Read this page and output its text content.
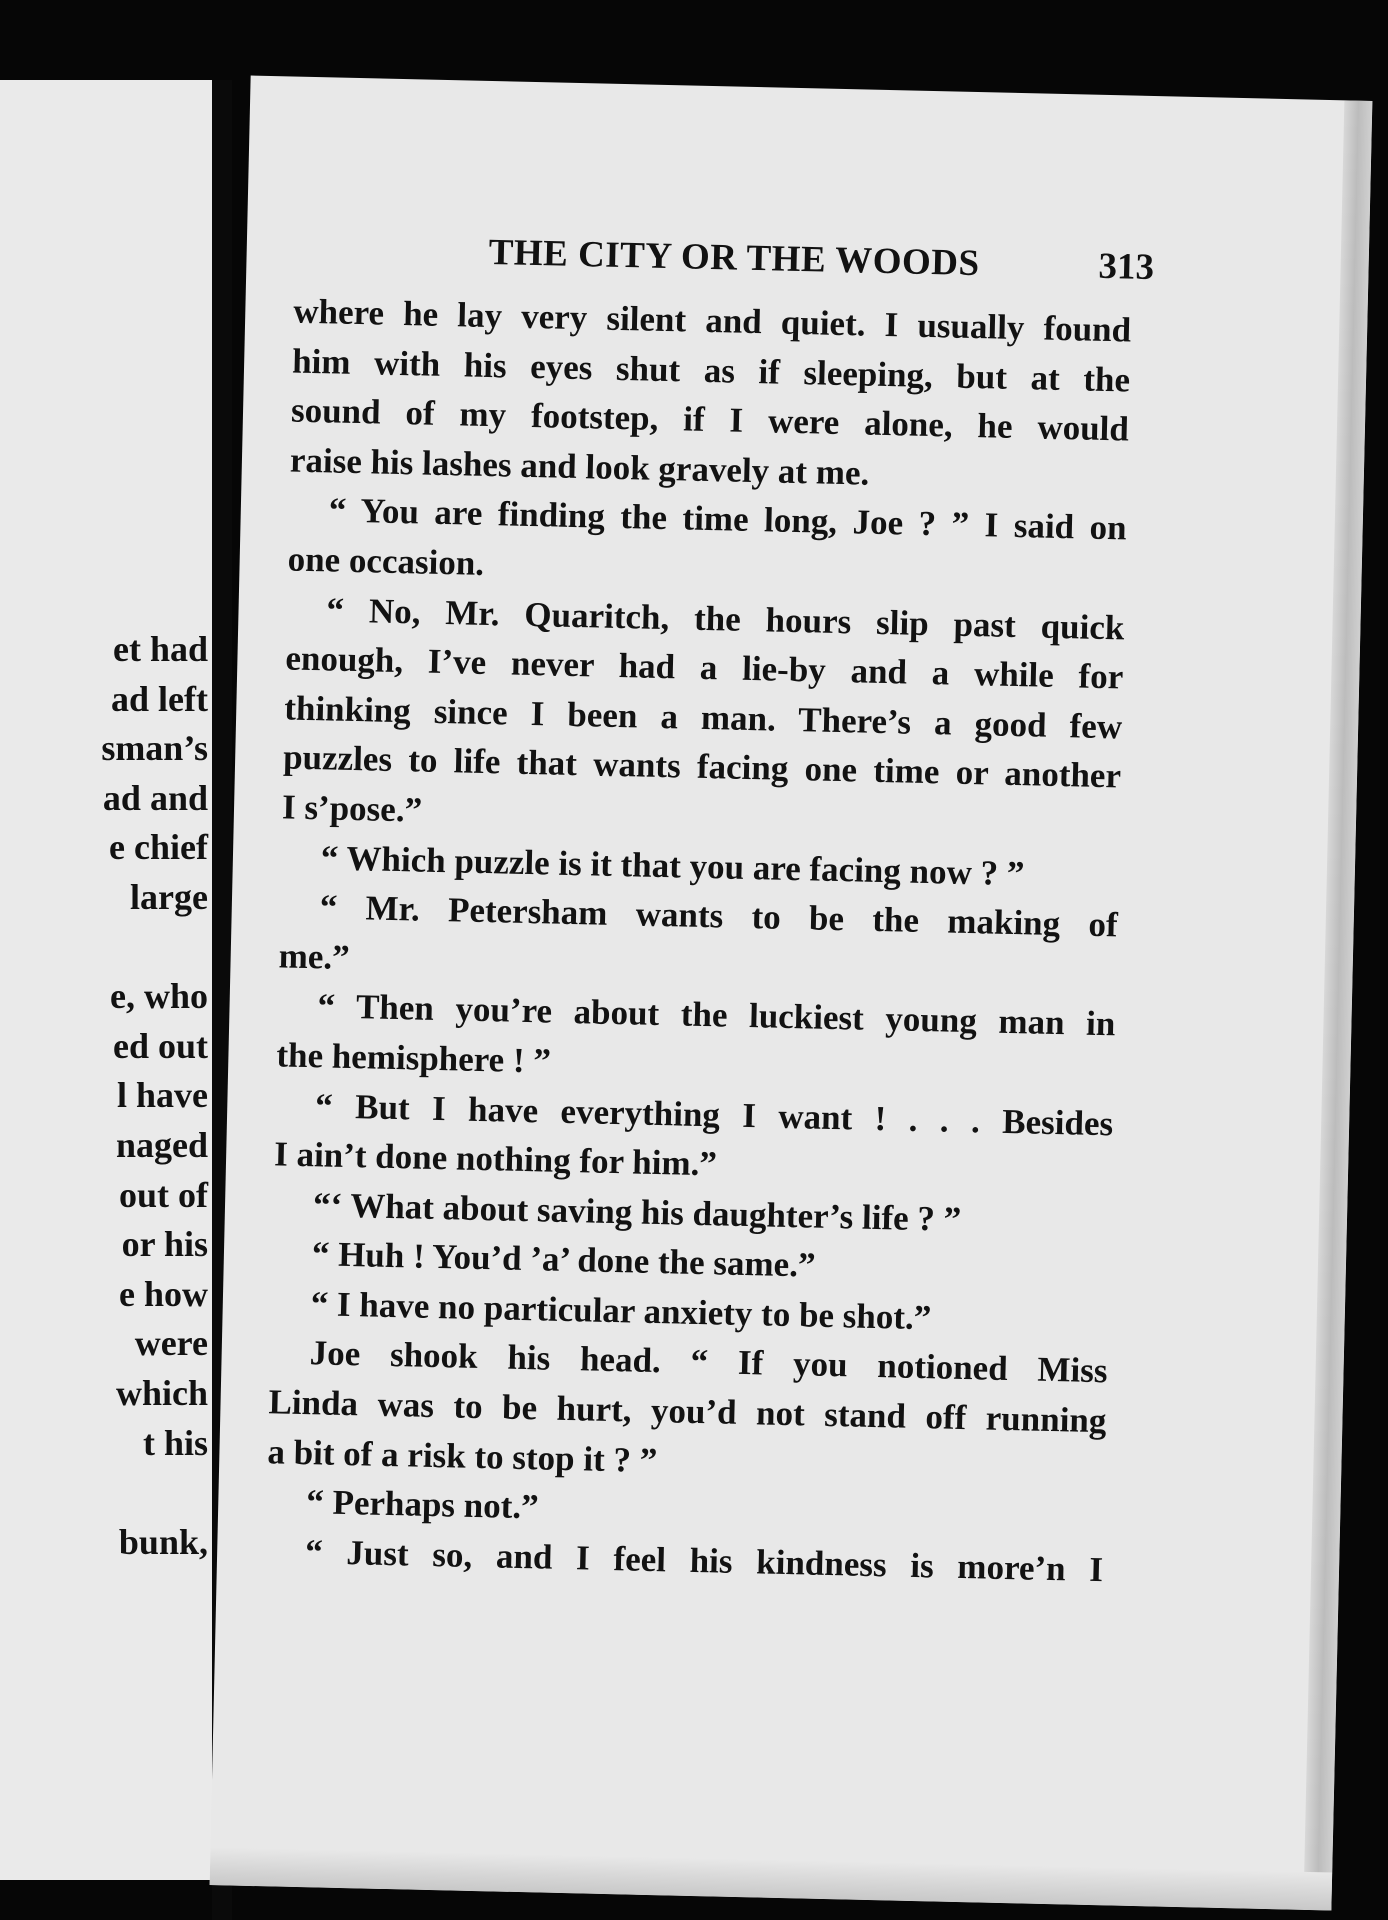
et had
ad left
sman’s
ad and
e chief
large
e, who
ed out
l have
naged
out of
or his
e how
were
which
t his
bunk,
THE CITY OR THE WOODS	313
where he lay very silent and quiet. I usually found
him with his eyes shut as if sleeping, but at the
sound of my footstep, if I were alone, he would
raise his lashes and look gravely at me.
“ You are finding the time long, Joe ? ” I said on
one occasion.
“ No, Mr. Quaritch, the hours slip past quick
enough, I’ve never had a lie-by and a while for
thinking since I been a man. There’s a good few
puzzles to life that wants facing one time or another
I s’pose.”
“ Which puzzle is it that you are facing now ? ”
“ Mr. Petersham wants to be the making of
me.”
“ Then you’re about the luckiest young man in
the hemisphere ! ”
“ But I have everything I want ! . . . Besides
I ain’t done nothing for him.”
“‘ What about saving his daughter’s life ? ”
“ Huh ! You’d ’a’ done the same.”
“ I have no particular anxiety to be shot.”
Joe shook his head. “ If you notioned Miss
Linda was to be hurt, you’d not stand off running
a bit of a risk to stop it ? ”
“ Perhaps not.”
“ Just so, and I feel his kindness is more’n I
